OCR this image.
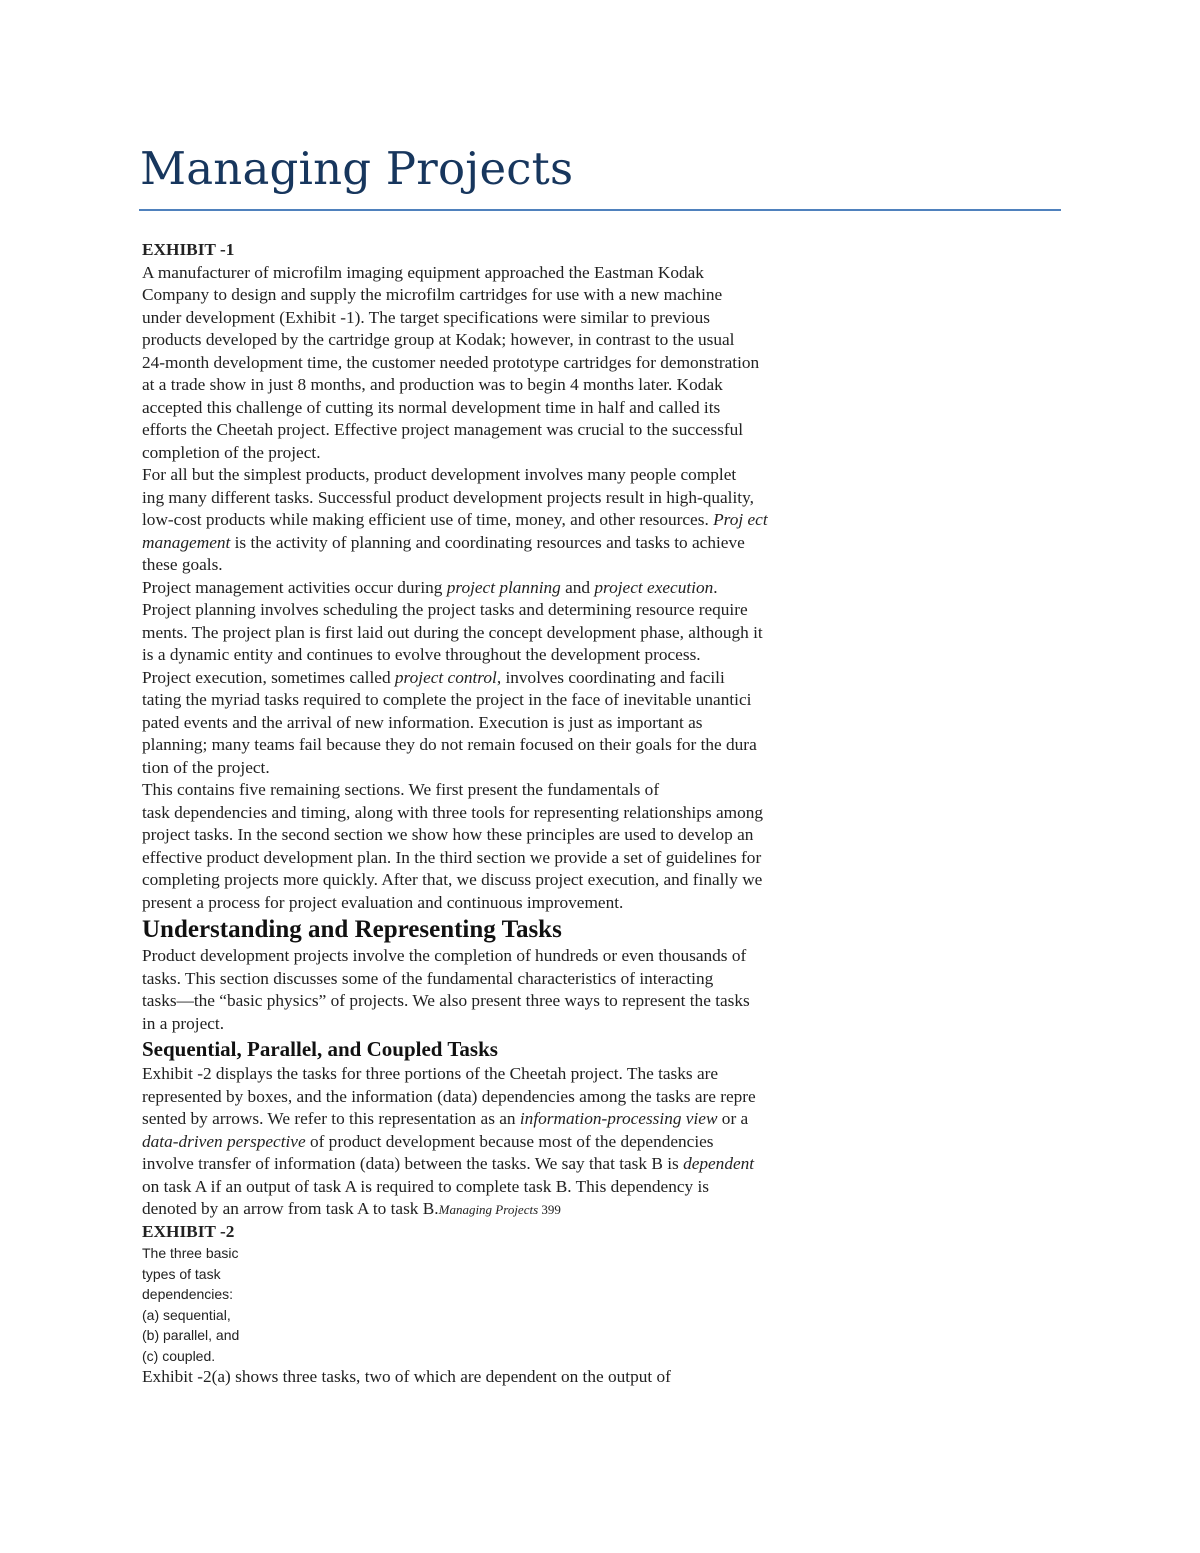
Managing Projects
EXHIBIT -1
A manufacturer of microfilm imaging equipment approached the Eastman Kodak
Company to design and supply the microfilm cartridges for use with a new machine
under development (Exhibit -1). The target specifications were similar to previous
products developed by the cartridge group at Kodak; however, in contrast to the usual
24-month development time, the customer needed prototype cartridges for demonstration
at a trade show in just 8 months, and production was to begin 4 months later. Kodak
accepted this challenge of cutting its normal development time in half and called its
efforts the Cheetah project. Effective project management was crucial to the successful
completion of the project.
For all but the simplest products, product development involves many people complet
ing many different tasks. Successful product development projects result in high-quality,
low-cost products while making efficient use of time, money, and other resources. Proj ect
management is the activity of planning and coordinating resources and tasks to achieve
these goals.
Project management activities occur during project planning and project execution.
Project planning involves scheduling the project tasks and determining resource require
ments. The project plan is first laid out during the concept development phase, although it
is a dynamic entity and continues to evolve throughout the development process.
Project execution, sometimes called project control, involves coordinating and facili
tating the myriad tasks required to complete the project in the face of inevitable unantici
pated events and the arrival of new information. Execution is just as important as
planning; many teams fail because they do not remain focused on their goals for the dura
tion of the project.
This contains five remaining sections. We first present the fundamentals of
task dependencies and timing, along with three tools for representing relationships among
project tasks. In the second section we show how these principles are used to develop an
effective product development plan. In the third section we provide a set of guidelines for
completing projects more quickly. After that, we discuss project execution, and finally we
present a process for project evaluation and continuous improvement.
Understanding and Representing Tasks
Product development projects involve the completion of hundreds or even thousands of
tasks. This section discusses some of the fundamental characteristics of interacting
tasks—the “basic physics” of projects. We also present three ways to represent the tasks
in a project.
Sequential, Parallel, and Coupled Tasks
Exhibit -2 displays the tasks for three portions of the Cheetah project. The tasks are
represented by boxes, and the information (data) dependencies among the tasks are repre
sented by arrows. We refer to this representation as an information-processing view or a
data-driven perspective of product development because most of the dependencies
involve transfer of information (data) between the tasks. We say that task B is dependent
on task A if an output of task A is required to complete task B. This dependency is
denoted by an arrow from task A to task B.Managing Projects 399
EXHIBIT -2
The three basic
types of task
dependencies:
(a) sequential,
(b) parallel, and
(c) coupled.
Exhibit -2(a) shows three tasks, two of which are dependent on the output of
